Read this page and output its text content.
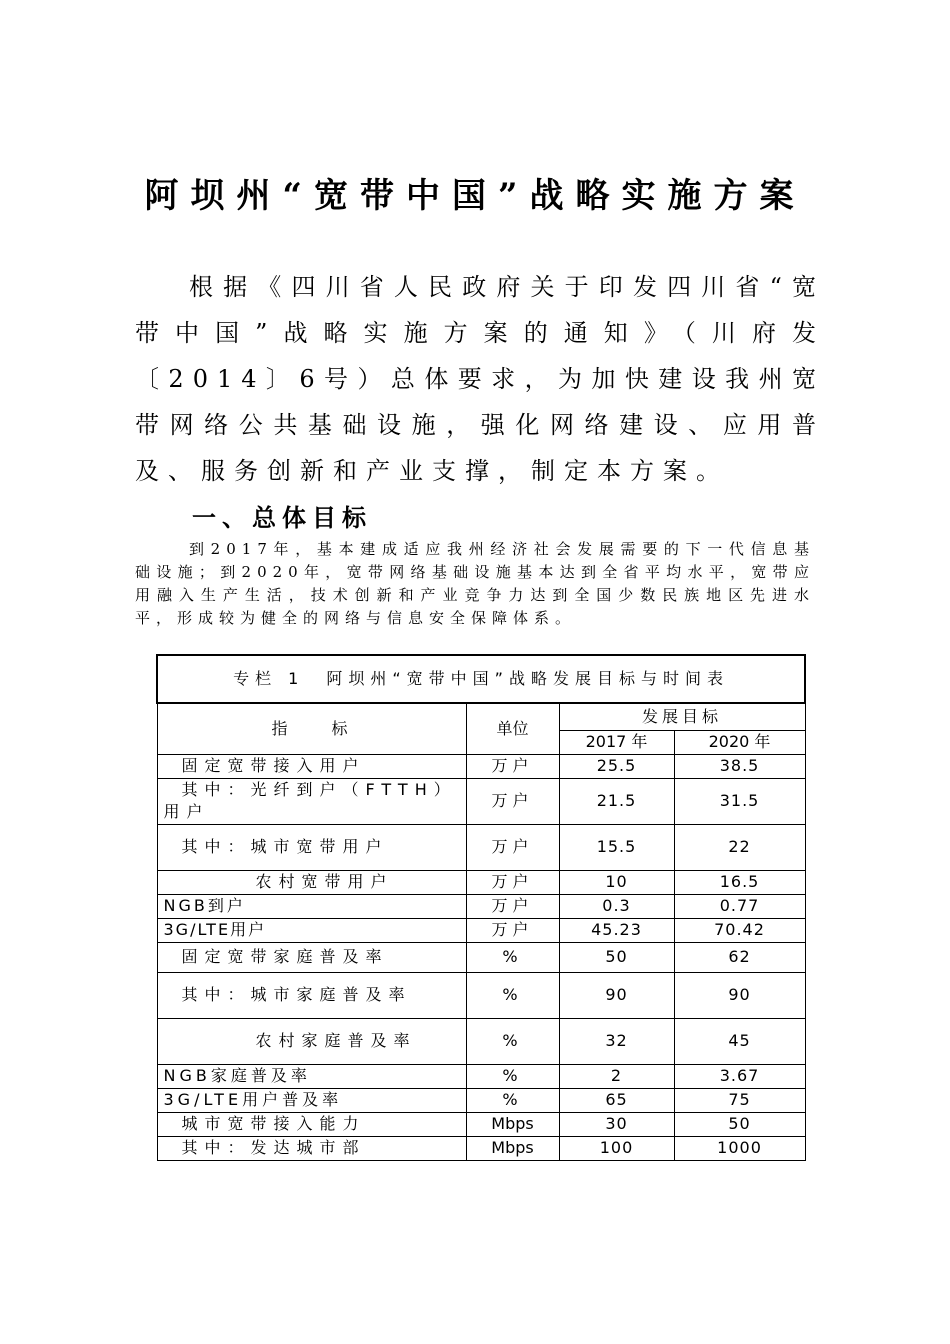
阿坝州“宽带中国”战略实施方案

根据《四川省人民政府关于印发四川省“宽带中国”战略实施方案的通知》（川府发〔2014〕6号）总体要求，为加快建设我州宽带网络公共基础设施，强化网络建设、应用普及、服务创新和产业支撑，制定本方案。

一、总体目标

到2017年，基本建成适应我州经济社会发展需要的下一代信息基础设施；到2020年，宽带网络基础设施基本达到全省平均水平，宽带应用融入生产生活，技术创新和产业竞争力达到全国少数民族地区先进水
平，形成较为健全的网络与信息安全保障体系。

专栏 1　阿坝州“宽带中国”战略发展目标与时间表			
指　　标	单位	发展目标	
		2017 年	2020 年
固定宽带接入用户	万户	25.5	38.5
其中：光纤到户（FTTH）用户	万户	21.5	31.5
其中：城市宽带用户	万户	15.5	22
农村宽带用户	万户	10	16.5
NGB到户	万户	0.3	0.77
3G/LTE用户	万户	45.23	70.42
固定宽带家庭普及率	%	50	62
其中：城市家庭普及率	%	90	90
农村家庭普及率	%	32	45
NGB家庭普及率	%	2	3.67
3G/LTE用户普及率	%	65	75
城市宽带接入能力	Mbps	30	50
其中：发达城市部	Mbps	100	1000
